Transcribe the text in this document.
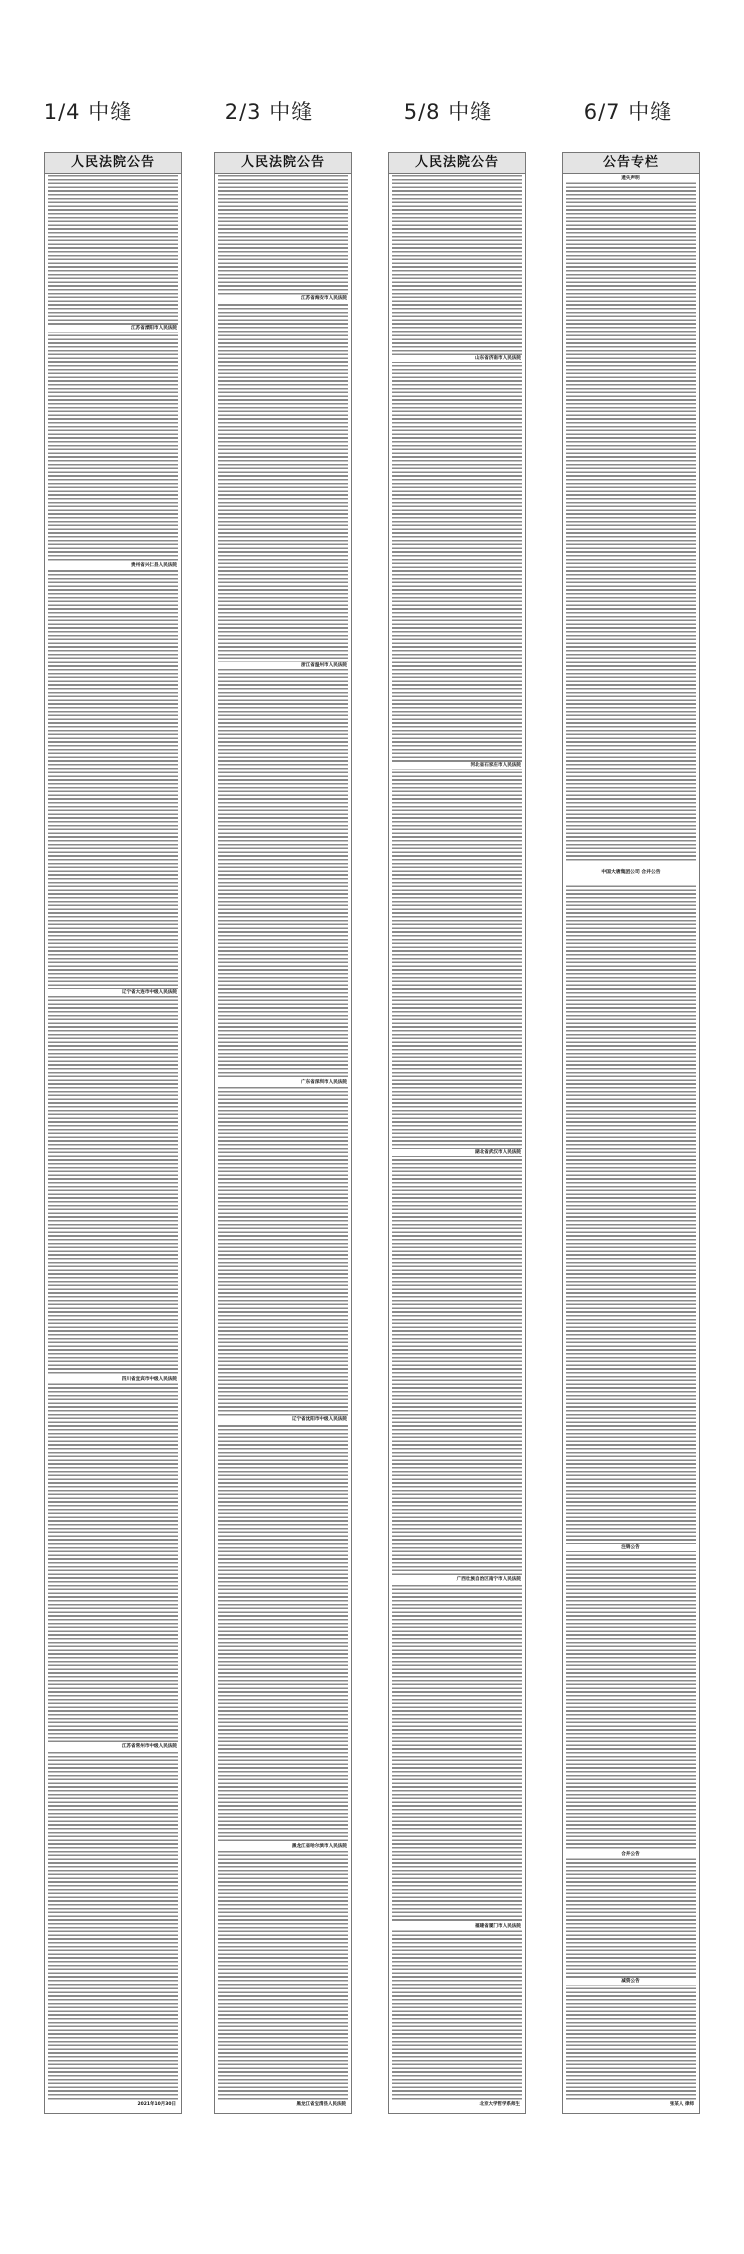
1/4 中缝	2/3 中缝	5/8 中缝	6/7 中缝
人民法院公告
江苏省溧阳市人民法院
贵州省兴仁县人民法院
辽宁省大连市中级人民法院
四川省宜宾市中级人民法院
江苏省常州市中级人民法院
2021年10月30日
人民法院公告
江苏省海安市人民法院
浙江省温州市人民法院
广东省深圳市人民法院
辽宁省沈阳市中级人民法院
黑龙江省哈尔滨市人民法院
黑龙江省宝清县人民法院
人民法院公告
山东省济南市人民法院
河北省石家庄市人民法院
湖北省武汉市人民法院
广西壮族自治区南宁市人民法院
福建省厦门市人民法院
北京大学哲学系师生
公告专栏
遗失声明
中国大唐集团公司 合并公告
注销公告
合并公告
减资公告
张某人 律师
